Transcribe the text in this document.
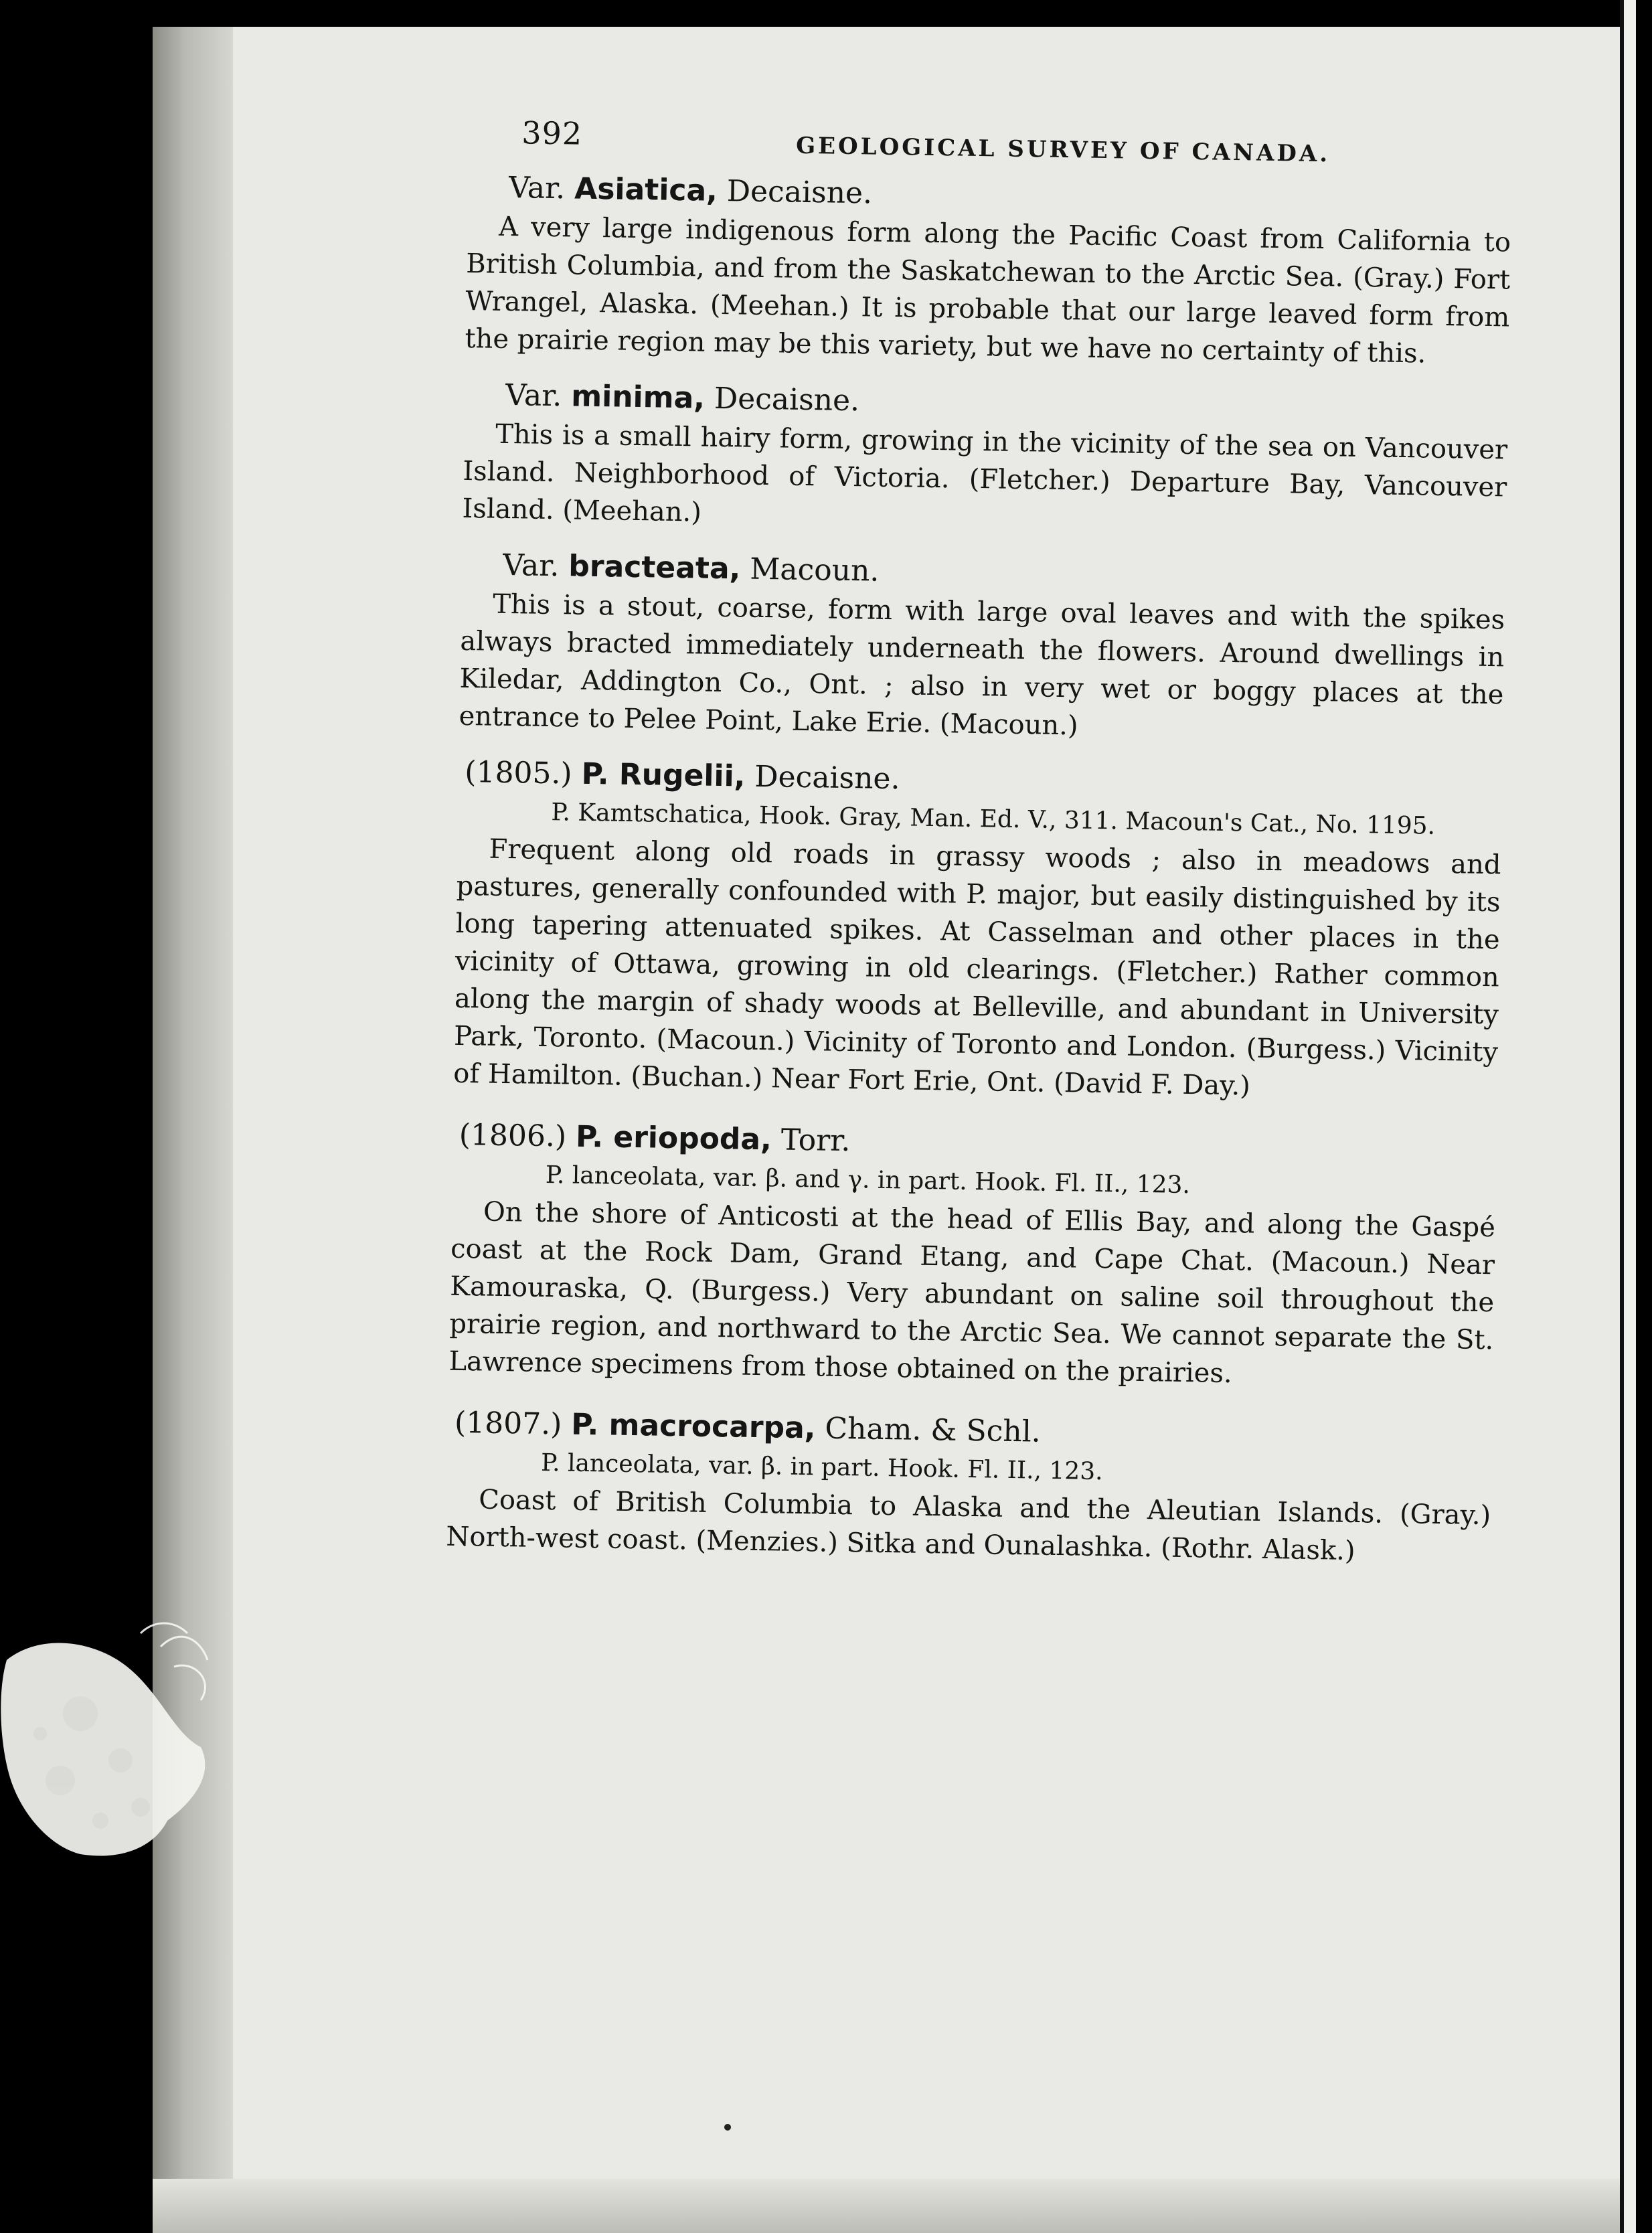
392	GEOLOGICAL SURVEY OF CANADA.

Var. Asiatica, Decaisne.

A very large indigenous form along the Pacific Coast from California to British Columbia, and from the Saskatchewan to the Arctic Sea. (Gray.) Fort Wrangel, Alaska. (Meehan.) It is probable that our large leaved form from the prairie region may be this variety, but we have no certainty of this.

Var. minima, Decaisne.

This is a small hairy form, growing in the vicinity of the sea on Vancouver Island. Neighborhood of Victoria. (Fletcher.) Departure Bay, Vancouver Island. (Meehan.)

Var. bracteata, Macoun.

This is a stout, coarse, form with large oval leaves and with the spikes always bracted immediately underneath the flowers. Around dwellings in Kiledar, Addington Co., Ont. ; also in very wet or boggy places at the entrance to Pelee Point, Lake Erie. (Macoun.)

(1805.) P. Rugelii, Decaisne.

P. Kamtschatica, Hook. Gray, Man. Ed. V., 311. Macoun's Cat., No. 1195.

Frequent along old roads in grassy woods ; also in meadows and pastures, generally confounded with P. major, but easily distinguished by its long tapering attenuated spikes. At Casselman and other places in the vicinity of Ottawa, growing in old clearings. (Fletcher.) Rather common along the margin of shady woods at Belleville, and abundant in University Park, Toronto. (Macoun.) Vicinity of Toronto and London. (Burgess.) Vicinity of Hamilton. (Buchan.) Near Fort Erie, Ont. (David F. Day.)

(1806.) P. eriopoda, Torr.

P. lanceolata, var. β. and γ. in part. Hook. Fl. II., 123.

On the shore of Anticosti at the head of Ellis Bay, and along the Gaspé coast at the Rock Dam, Grand Etang, and Cape Chat. (Macoun.) Near Kamouraska, Q. (Burgess.) Very abundant on saline soil throughout the prairie region, and northward to the Arctic Sea. We cannot separate the St. Lawrence specimens from those obtained on the prairies.

(1807.) P. macrocarpa, Cham. & Schl.

P. lanceolata, var. β. in part. Hook. Fl. II., 123.

Coast of British Columbia to Alaska and the Aleutian Islands. (Gray.) North-west coast. (Menzies.) Sitka and Ounalashka. (Rothr. Alask.)
